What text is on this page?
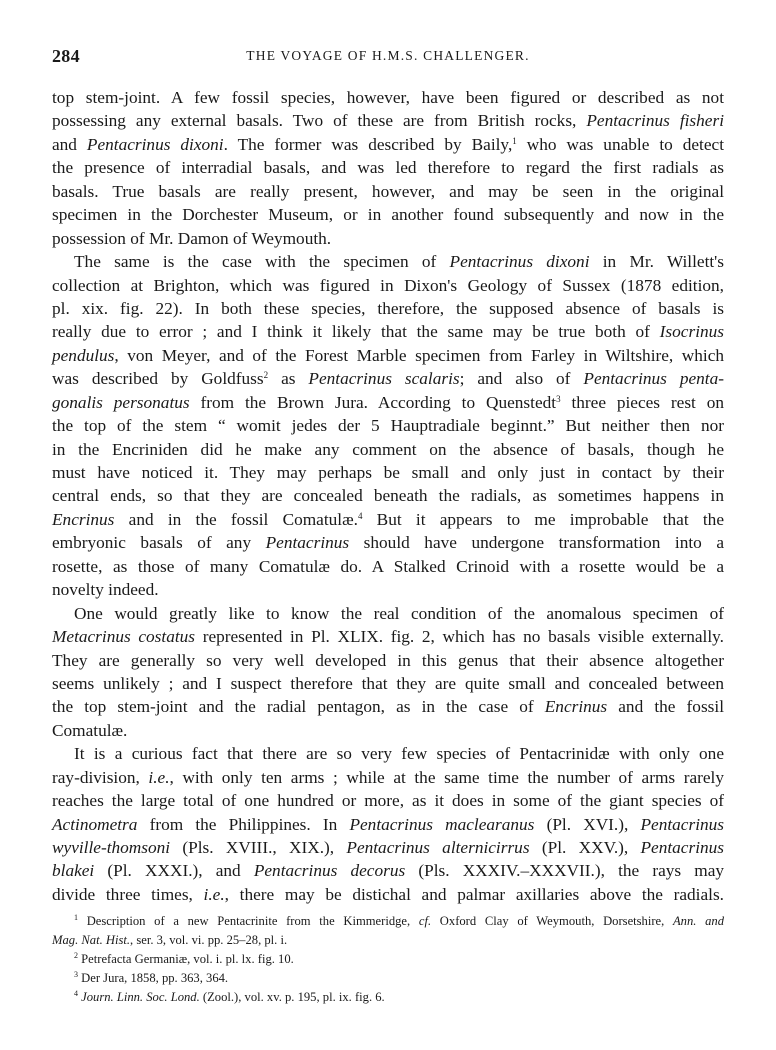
284	THE VOYAGE OF H.M.S. CHALLENGER.
top stem-joint. A few fossil species, however, have been figured or described as not
possessing any external basals. Two of these are from British rocks, Pentacrinus fisheri
and Pentacrinus dixoni. The former was described by Baily,$^1$ who was unable to detect
the presence of interradial basals, and was led therefore to regard the first radials as
basals. True basals are really present, however, and may be seen in the original
specimen in the Dorchester Museum, or in another found subsequently and now in the
possession of Mr. Damon of Weymouth.
The same is the case with the specimen of Pentacrinus dixoni in Mr. Willett's
collection at Brighton, which was figured in Dixon's Geology of Sussex (1878 edition,
pl. xix. fig. 22). In both these species, therefore, the supposed absence of basals is
really due to error ; and I think it likely that the same may be true both of Isocrinus
pendulus, von Meyer, and of the Forest Marble specimen from Farley in Wiltshire, which
was described by Goldfuss$^2$ as Pentacrinus scalaris; and also of Pentacrinus penta-
gonalis personatus from the Brown Jura. According to Quenstedt$^3$ three pieces rest on
the top of the stem “ womit jedes der 5 Hauptradiale beginnt.” But neither then nor
in the Encriniden did he make any comment on the absence of basals, though he
must have noticed it. They may perhaps be small and only just in contact by their
central ends, so that they are concealed beneath the radials, as sometimes happens in
Encrinus and in the fossil Comatulæ.$^4$ But it appears to me improbable that the
embryonic basals of any Pentacrinus should have undergone transformation into a
rosette, as those of many Comatulæ do. A Stalked Crinoid with a rosette would be a
novelty indeed.
One would greatly like to know the real condition of the anomalous specimen of
Metacrinus costatus represented in Pl. XLIX. fig. 2, which has no basals visible externally.
They are generally so very well developed in this genus that their absence altogether
seems unlikely ; and I suspect therefore that they are quite small and concealed between
the top stem-joint and the radial pentagon, as in the case of Encrinus and the fossil
Comatulæ.
It is a curious fact that there are so very few species of Pentacrinidæ with only one
ray-division, i.e., with only ten arms ; while at the same time the number of arms rarely
reaches the large total of one hundred or more, as it does in some of the giant species of
Actinometra from the Philippines. In Pentacrinus maclearanus (Pl. XVI.), Pentacrinus
wyville-thomsoni (Pls. XVIII., XIX.), Pentacrinus alternicirrus (Pl. XXV.), Pentacrinus
blakei (Pl. XXXI.), and Pentacrinus decorus (Pls. XXXIV.–XXXVII.), the rays may
divide three times, i.e., there may be distichal and palmar axillaries above the radials.
$^1$ Description of a new Pentacrinite from the Kimmeridge, cf. Oxford Clay of Weymouth, Dorsetshire, Ann. and
Mag. Nat. Hist., ser. 3, vol. vi. pp. 25–28, pl. i.
$^2$ Petrefacta Germaniæ, vol. i. pl. lx. fig. 10.
$^3$ Der Jura, 1858, pp. 363, 364.
$^4$ Journ. Linn. Soc. Lond. (Zool.), vol. xv. p. 195, pl. ix. fig. 6.
